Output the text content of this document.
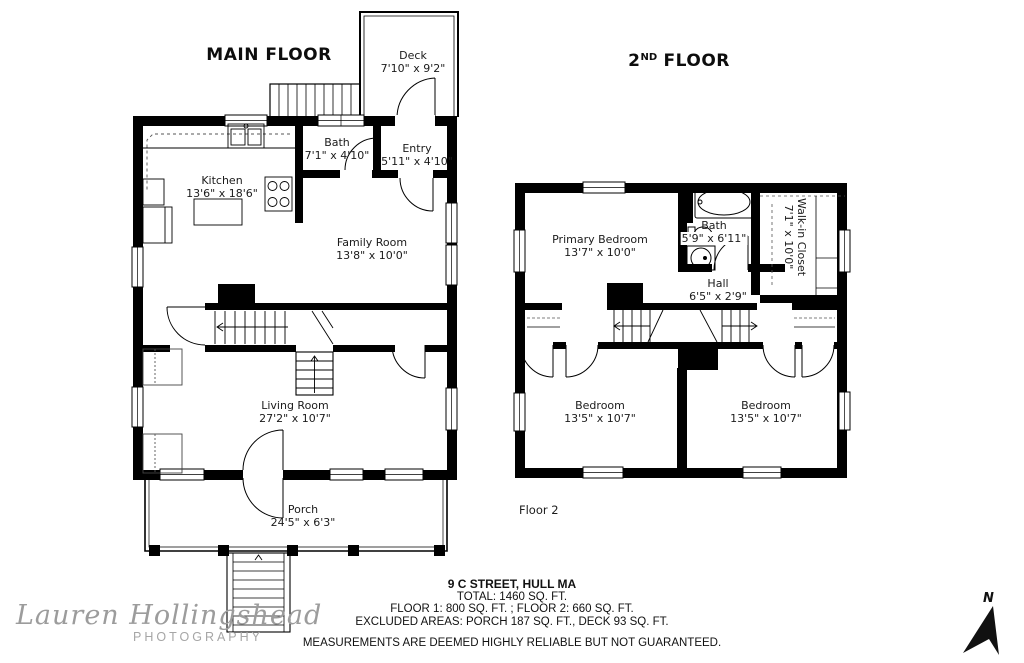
MAIN FLOOR	2ND FLOOR
Deck
7'10" x 9'2"
Bath
7'1" x 4'10"
Entry
5'11" x 4'10"
Kitchen
13'6" x 18'6"
Family Room
13'8" x 10'0"
Living Room
27'2" x 10'7"
Porch
24'5" x 6'3"
Primary Bedroom
13'7" x 10'0"
Bath
5'9" x 6'11"	Walk-in Closet
7'1" x 10'0"
Hall
6'5" x 2'9"
Bedroom
13'5" x 10'7"
Bedroom
13'5" x 10'7"
Floor 2
9 C STREET, HULL MA
TOTAL: 1460 SQ. FT.
FLOOR 1: 800 SQ. FT. ; FLOOR 2: 660 SQ. FT.
EXCLUDED AREAS: PORCH 187 SQ. FT., DECK 93 SQ. FT.
MEASUREMENTS ARE DEEMED HIGHLY RELIABLE BUT NOT GUARANTEED.
Lauren Hollingshead
PHOTOGRAPHY
N
